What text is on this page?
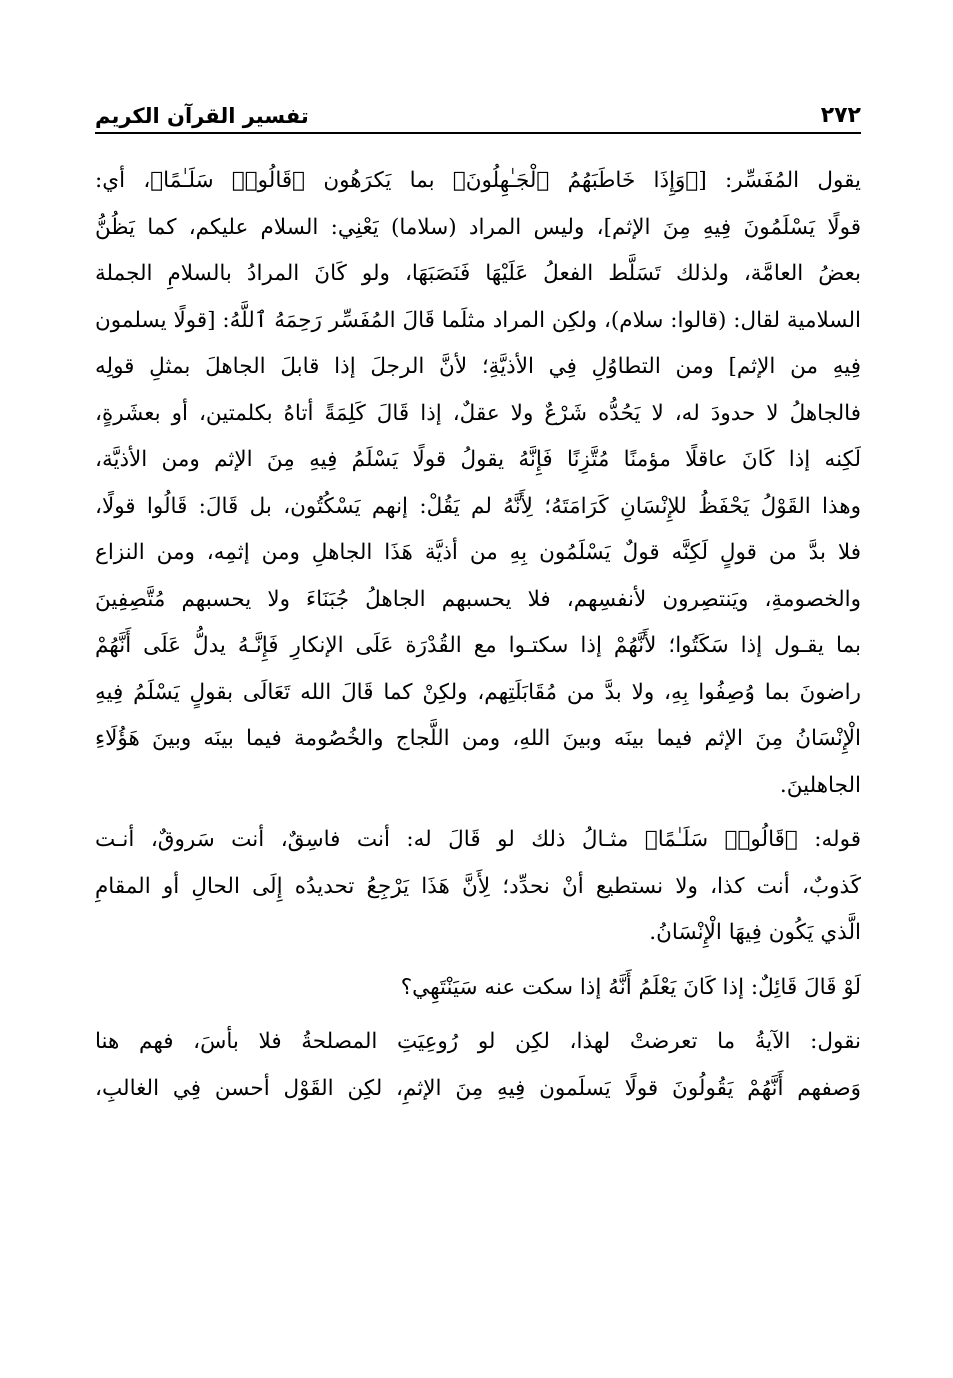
٢٧٢
تفسير القرآن الكريم
يقول المُفَسِّر: [﴿وَإِذَا خَاطَبَهُمُ ٱلْجَـٰهِلُونَ﴾ بما يَكرَهُون ﴿قَالُوا۟ سَلَـٰمًا﴾، أي:
قولًا يَسْلَمُونَ فِيهِ مِنَ الإثم]، وليس المراد (سلاما) يَعْنِي: السلام عليكم، كما يَظُنُّ
بعضُ العامَّة، ولذلك تَسَلَّط الفعلُ عَلَيْهَا فَنَصَبَهَا، ولو كَانَ المرادُ بالسلامِ الجملة
السلامية لقال: (قالوا: سلام)، ولكِن المراد مثلَما قَالَ المُفَسِّر رَحِمَهُ ٱللَّهُ: [قولًا يسلمون
فِيهِ من الإثم] ومن التطاوُلِ فِي الأذيَّةِ؛ لأنَّ الرجلَ إذا قابلَ الجاهلَ بمثلِ قولِه
فالجاهلُ لا حدودَ له، لا يَحُدُّه شَرْعٌ ولا عقلٌ، إذا قَالَ كَلِمَةً أتاهُ بكلمتين، أو بعشَرةٍ،
لَكِنه إذا كَانَ عاقلًا مؤمنًا مُتَّزِنًا فَإِنَّهُ يقولُ قولًا يَسْلَمُ فِيهِ مِنَ الإثم ومن الأذيَّة،
وهذا القَوْلُ يَحْفَظُ للإِنْسَانِ كَرَامَتَهُ؛ لِأَنَّهُ لم يَقُلْ: إنهم يَسْكُتُون، بل قَالَ: قَالُوا قولًا،
فلا بدَّ من قولٍ لَكِنَّه قولٌ يَسْلَمُون بِهِ من أذيَّة هَذَا الجاهلِ ومن إثمِه، ومن النزاع
والخصومةِ، ويَنتصِرون لأنفسِهم، فلا يحسبهم الجاهلُ جُبَنَاءَ ولا يحسبهم مُتَّصِفِينَ
بما يقـول إذا سَكَتُوا؛ لأَنَّهُمْ إذا سكتـوا مع القُدْرَة عَلَى الإنكارِ فَإِنَّـهُ يدلُّ عَلَى أَنَّهُمْ
راضونَ بما وُصِفُوا بِهِ، ولا بدَّ من مُقَابَلَتِهم، ولكِنْ كما قَالَ الله تَعَالَى بقولٍ يَسْلَمُ فِيهِ
الْإِنْسَانُ مِنَ الإثم فيما بينَه وبينَ اللهِ، ومن اللَّجاج والخُصُومة فيما بينَه وبينَ هَؤُلَاءِ
الجاهلينَ.
قوله: ﴿قَالُوا۟ سَلَـٰمًا﴾ مثـالُ ذلك لو قَالَ له: أنت فاسِقٌ، أنت سَروقٌ، أنـت
كَذوبٌ، أنت كذا، ولا نستطيع أنْ نحدِّد؛ لِأَنَّ هَذَا يَرْجِعُ تحديدُه إِلَى الحالِ أو المقامِ
الَّذي يَكُون فِيهَا الْإِنْسَانُ.
لَوْ قَالَ قَائِلٌ: إذا كَانَ يَعْلَمُ أَنَّهُ إذا سكت عنه سَيَنْتَهِي؟
نقول: الآيةُ ما تعرضتْ لهذا، لكِن لو رُوعِيَتِ المصلحةُ فلا بأسَ، فهم هنا
وَصفهم أَنَّهُمْ يَقُولُونَ قولًا يَسلَمون فِيهِ مِنَ الإثمِ، لكِن القَوْل أحسن فِي الغالبِ،
